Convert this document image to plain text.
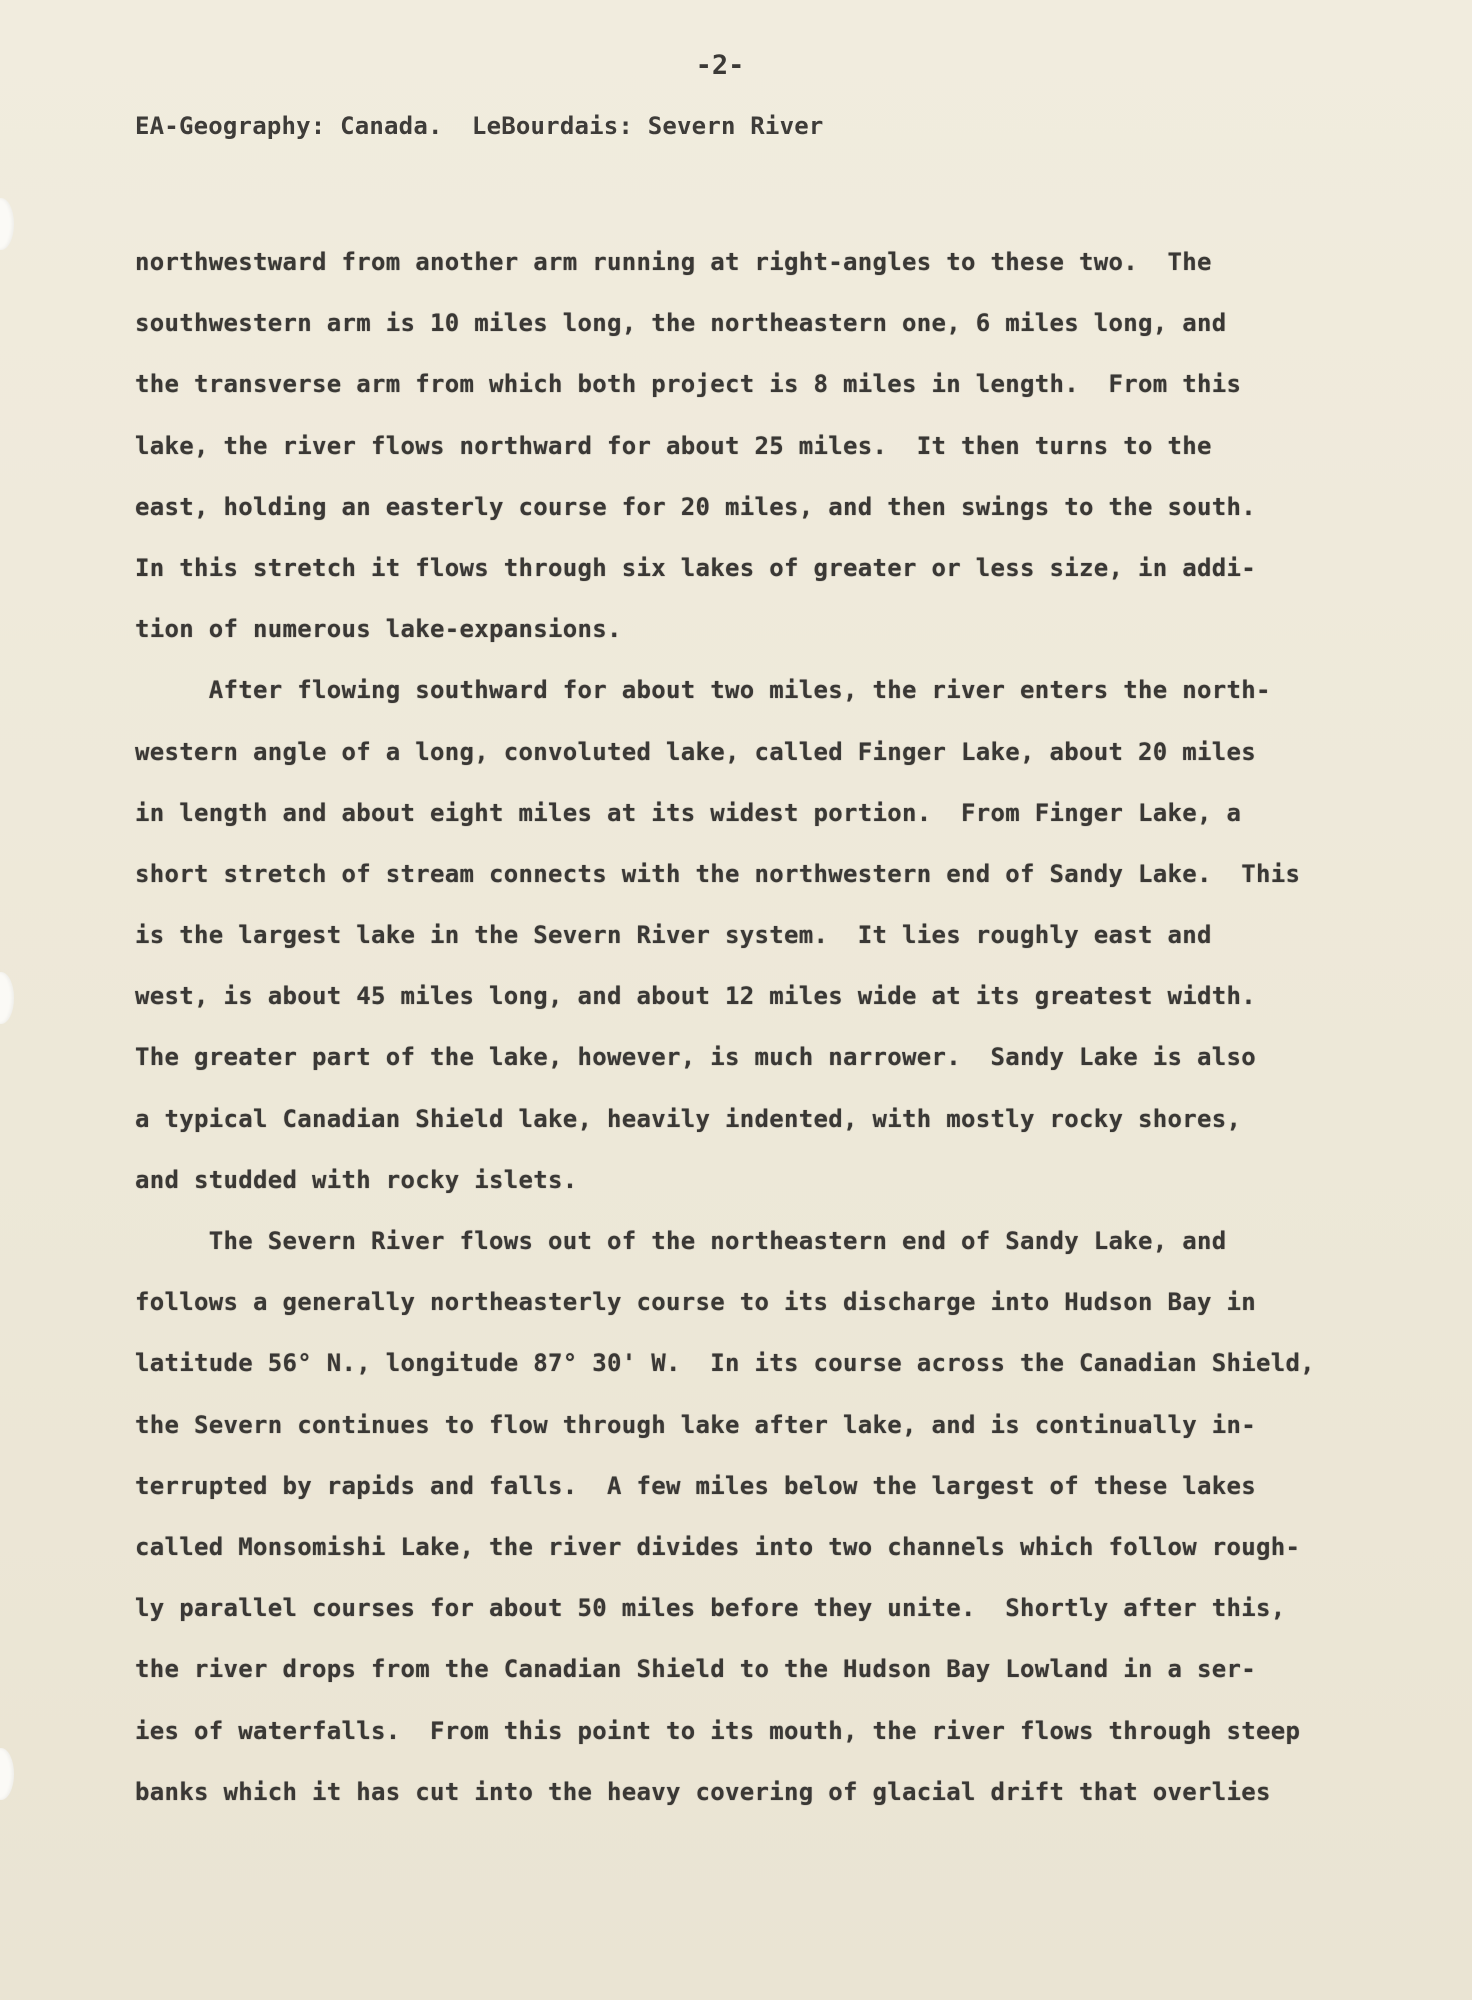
-2-
EA-Geography: Canada.  LeBourdais: Severn River
northwestward from another arm running at right-angles to these two.  The
southwestern arm is 10 miles long, the northeastern one, 6 miles long, and
the transverse arm from which both project is 8 miles in length.  From this
lake, the river flows northward for about 25 miles.  It then turns to the
east, holding an easterly course for 20 miles, and then swings to the south.
In this stretch it flows through six lakes of greater or less size, in addi-
tion of numerous lake-expansions.
After flowing southward for about two miles, the river enters the north-
western angle of a long, convoluted lake, called Finger Lake, about 20 miles
in length and about eight miles at its widest portion.  From Finger Lake, a
short stretch of stream connects with the northwestern end of Sandy Lake.  This
is the largest lake in the Severn River system.  It lies roughly east and
west, is about 45 miles long, and about 12 miles wide at its greatest width.
The greater part of the lake, however, is much narrower.  Sandy Lake is also
a typical Canadian Shield lake, heavily indented, with mostly rocky shores,
and studded with rocky islets.
The Severn River flows out of the northeastern end of Sandy Lake, and
follows a generally northeasterly course to its discharge into Hudson Bay in
latitude 56° N., longitude 87° 30' W.  In its course across the Canadian Shield,
the Severn continues to flow through lake after lake, and is continually in-
terrupted by rapids and falls.  A few miles below the largest of these lakes
called Monsomishi Lake, the river divides into two channels which follow rough-
ly parallel courses for about 50 miles before they unite.  Shortly after this,
the river drops from the Canadian Shield to the Hudson Bay Lowland in a ser-
ies of waterfalls.  From this point to its mouth, the river flows through steep
banks which it has cut into the heavy covering of glacial drift that overlies
